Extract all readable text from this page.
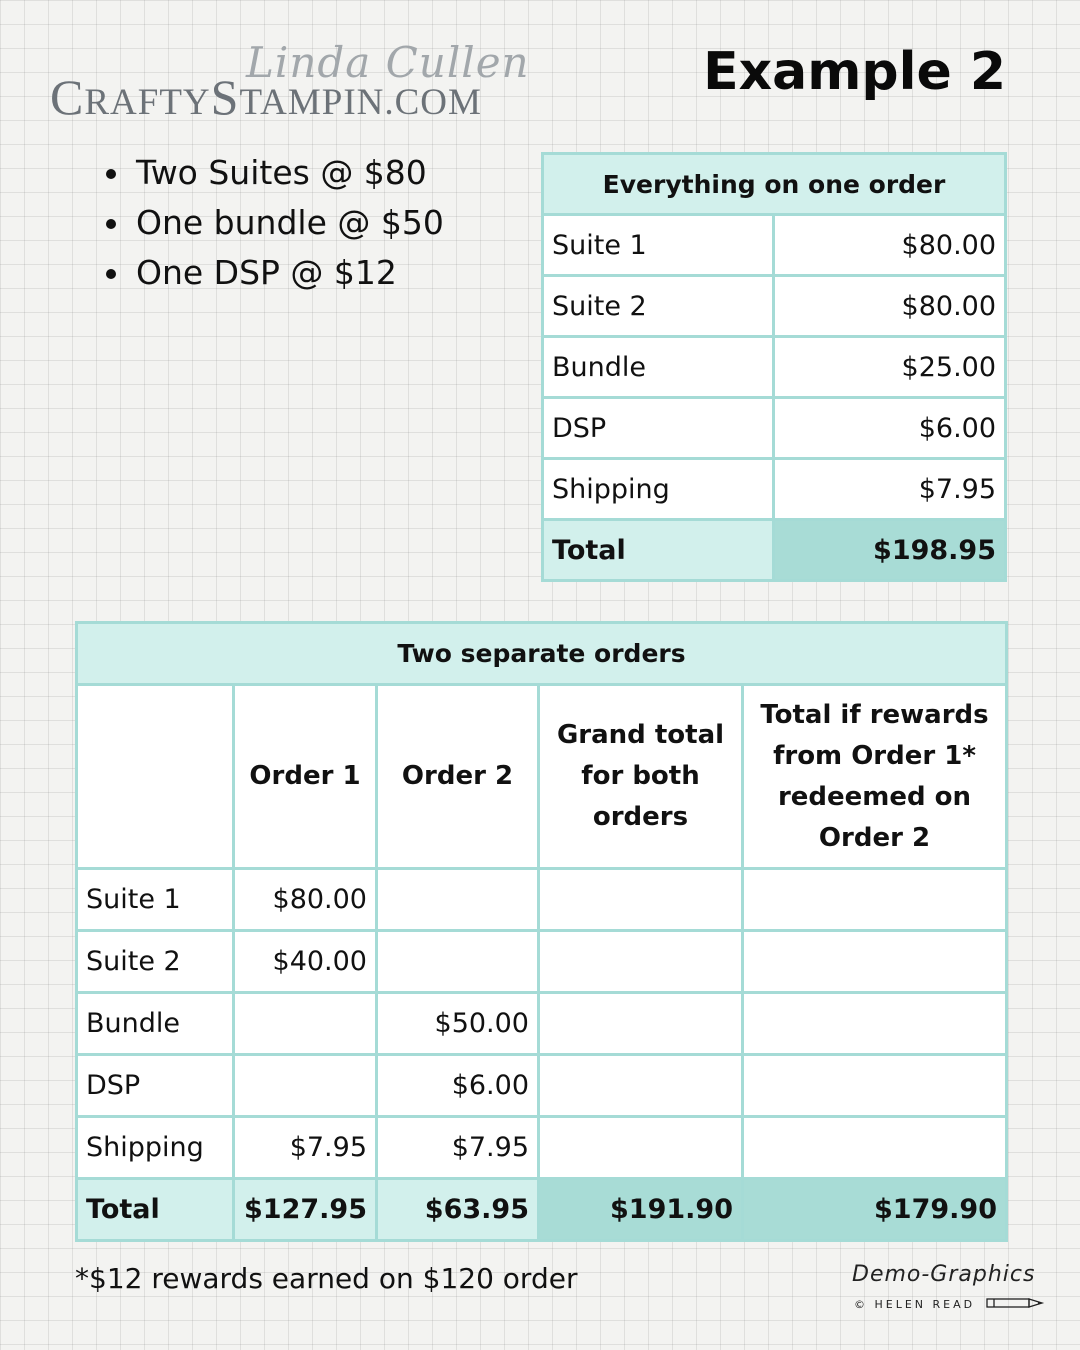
Linda Cullen
CRAFTYSTAMPIN.COM
Example 2
Two Suites @ $80
One bundle @ $50
One DSP @ $12
Everything on one order	
Suite 1	$80.00
Suite 2	$80.00
Bundle	$25.00
DSP	$6.00
Shipping	$7.95
Total	$198.95
Two separate orders				
	Order 1	Order 2	Grand total for both orders	Total if rewards from Order 1* redeemed on Order 2
Suite 1	$80.00			
Suite 2	$40.00			
Bundle		$50.00		
DSP		$6.00		
Shipping	$7.95	$7.95		
Total	$127.95	$63.95	$191.90	$179.90
*$12 rewards earned on $120 order	Demo-Graphics
© HELEN READ
